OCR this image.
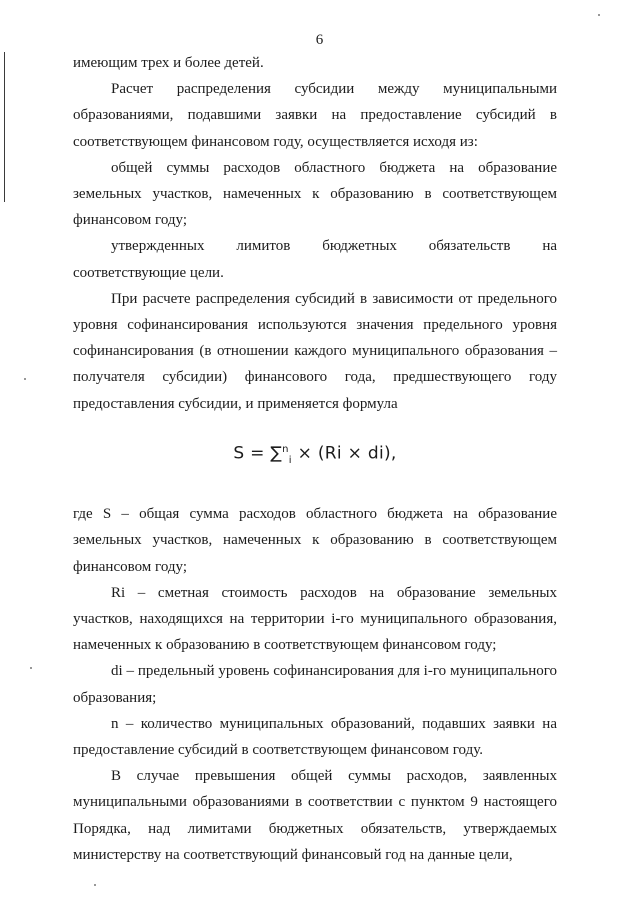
6

имеющим трех и более детей.

Расчет распределения субсидии между муниципальными образованиями, подавшими заявки на предоставление субсидий в соответствующем финансовом году, осуществляется исходя из:

общей суммы расходов областного бюджета на образование земельных участков, намеченных к образованию в соответствующем финансовом году;

утвержденных лимитов бюджетных обязательств на соответствующие цели.

При расчете распределения субсидий в зависимости от предельного уровня софинансирования используются значения предельного уровня софинансирования (в отношении каждого муниципального образования – получателя субсидии) финансового года, предшествующего году предоставления субсидии, и применяется формула

S = ∑$^n_i$ × (Ri × di),

где S – общая сумма расходов областного бюджета на образование земельных участков, намеченных к образованию в соответствующем финансовом году;

Ri – сметная стоимость расходов на образование земельных участков, находящихся на территории i-го муниципального образования, намеченных к образованию в соответствующем финансовом году;

di – предельный уровень софинансирования для i-го муниципального образования;

n – количество муниципальных образований, подавших заявки на предоставление субсидий в соответствующем финансовом году.

В случае превышения общей суммы расходов, заявленных муниципальными образованиями в соответствии с пунктом 9 настоящего Порядка, над лимитами бюджетных обязательств, утверждаемых министерству на соответствующий финансовый год на данные цели,
